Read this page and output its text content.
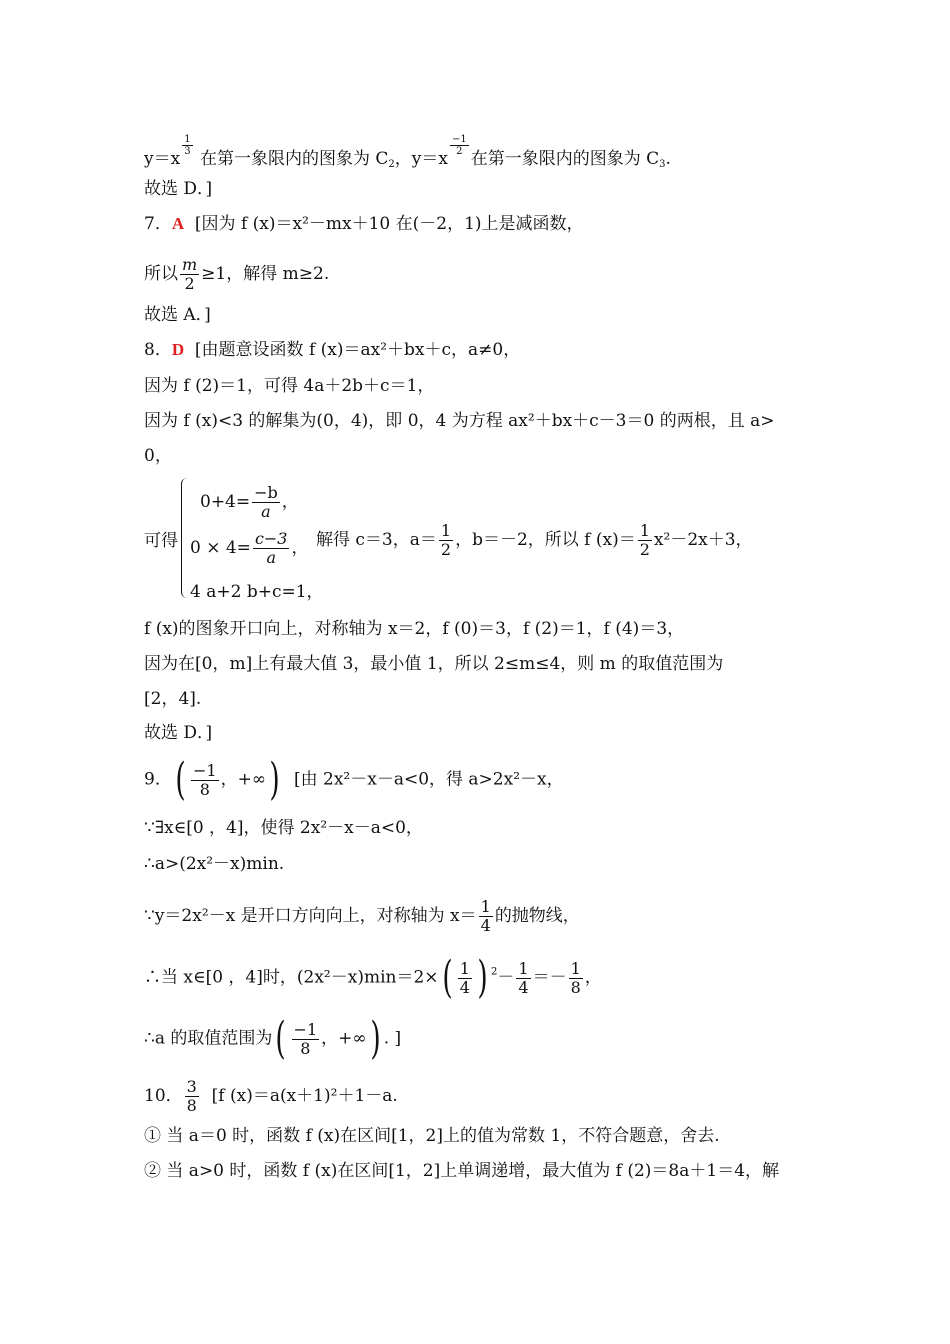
y＝x
$\frac{1}{3}$
在第一象限内的图象为 $C_2$，y＝x
$\frac{-1}{2}$
在第一象限内的图象为 $C_3$.
故选 D．]
7．A [因为 f (x)＝x²－mx＋10 在(－2，1)上是减函数，
所以 $\frac{m}{2} \ge 1$，解得 m≥2.
故选 A．]
8．D [由题意设函数 f (x)＝ax²＋bx＋c，a≠0，
因为 f (2)＝1，可得 4a＋2b＋c＝1，
因为 f (x)<3 的解集为(0，4)，即 0，4 为方程 ax²＋bx＋c－3＝0 的两根，且 a>
0，
可得
$0+4= \frac{-b}{a}$ ，
$0 \times 4= \frac{c-3}{a}$ ，
4 a+2 b+c=1，
解得 c＝3，$a= \frac{1}{2}$ ，b＝－2，所以 f $(x)= \frac{1}{2} x^2-2x+3$，
f (x)的图象开口向上，对称轴为 x＝2，f (0)＝3，f (2)＝1，f (4)＝3，
因为在[0，m]上有最大值 3，最小值 1，所以 2≤m≤4，则 m 的取值范围为
[2，4].
故选 D．]
9．( $\frac{-1}{8}$ ，+∞) [由 2x²－x－a<0，得 a>2x²－x，
∵∃x∈[0 ，4]，使得 2x²－x－a<0，
∴a>(2x²－x)min.
∵y＝2x²－x 是开口方向向上，对称轴为 $x= \frac{1}{4}$ 的抛物线，
∴当 x∈[0 ，4]时，$(2x^2-x)\min=2\times( \frac{1}{4}$ ) $^2- \frac{1}{4} =- \frac{1}{8}$ ，
∴a 的取值范围为( $\frac{-1}{8}$ ，+∞) . ]
10． $\frac{3}{8} [f$ (x)＝a(x＋1)²＋1－a.
① 当 a＝0 时，函数 f (x)在区间[1，2]上的值为常数 1，不符合题意，舍去.
② 当 a>0 时，函数 f (x)在区间[1，2]上单调递增，最大值为 f (2)＝8a＋1＝4，解
